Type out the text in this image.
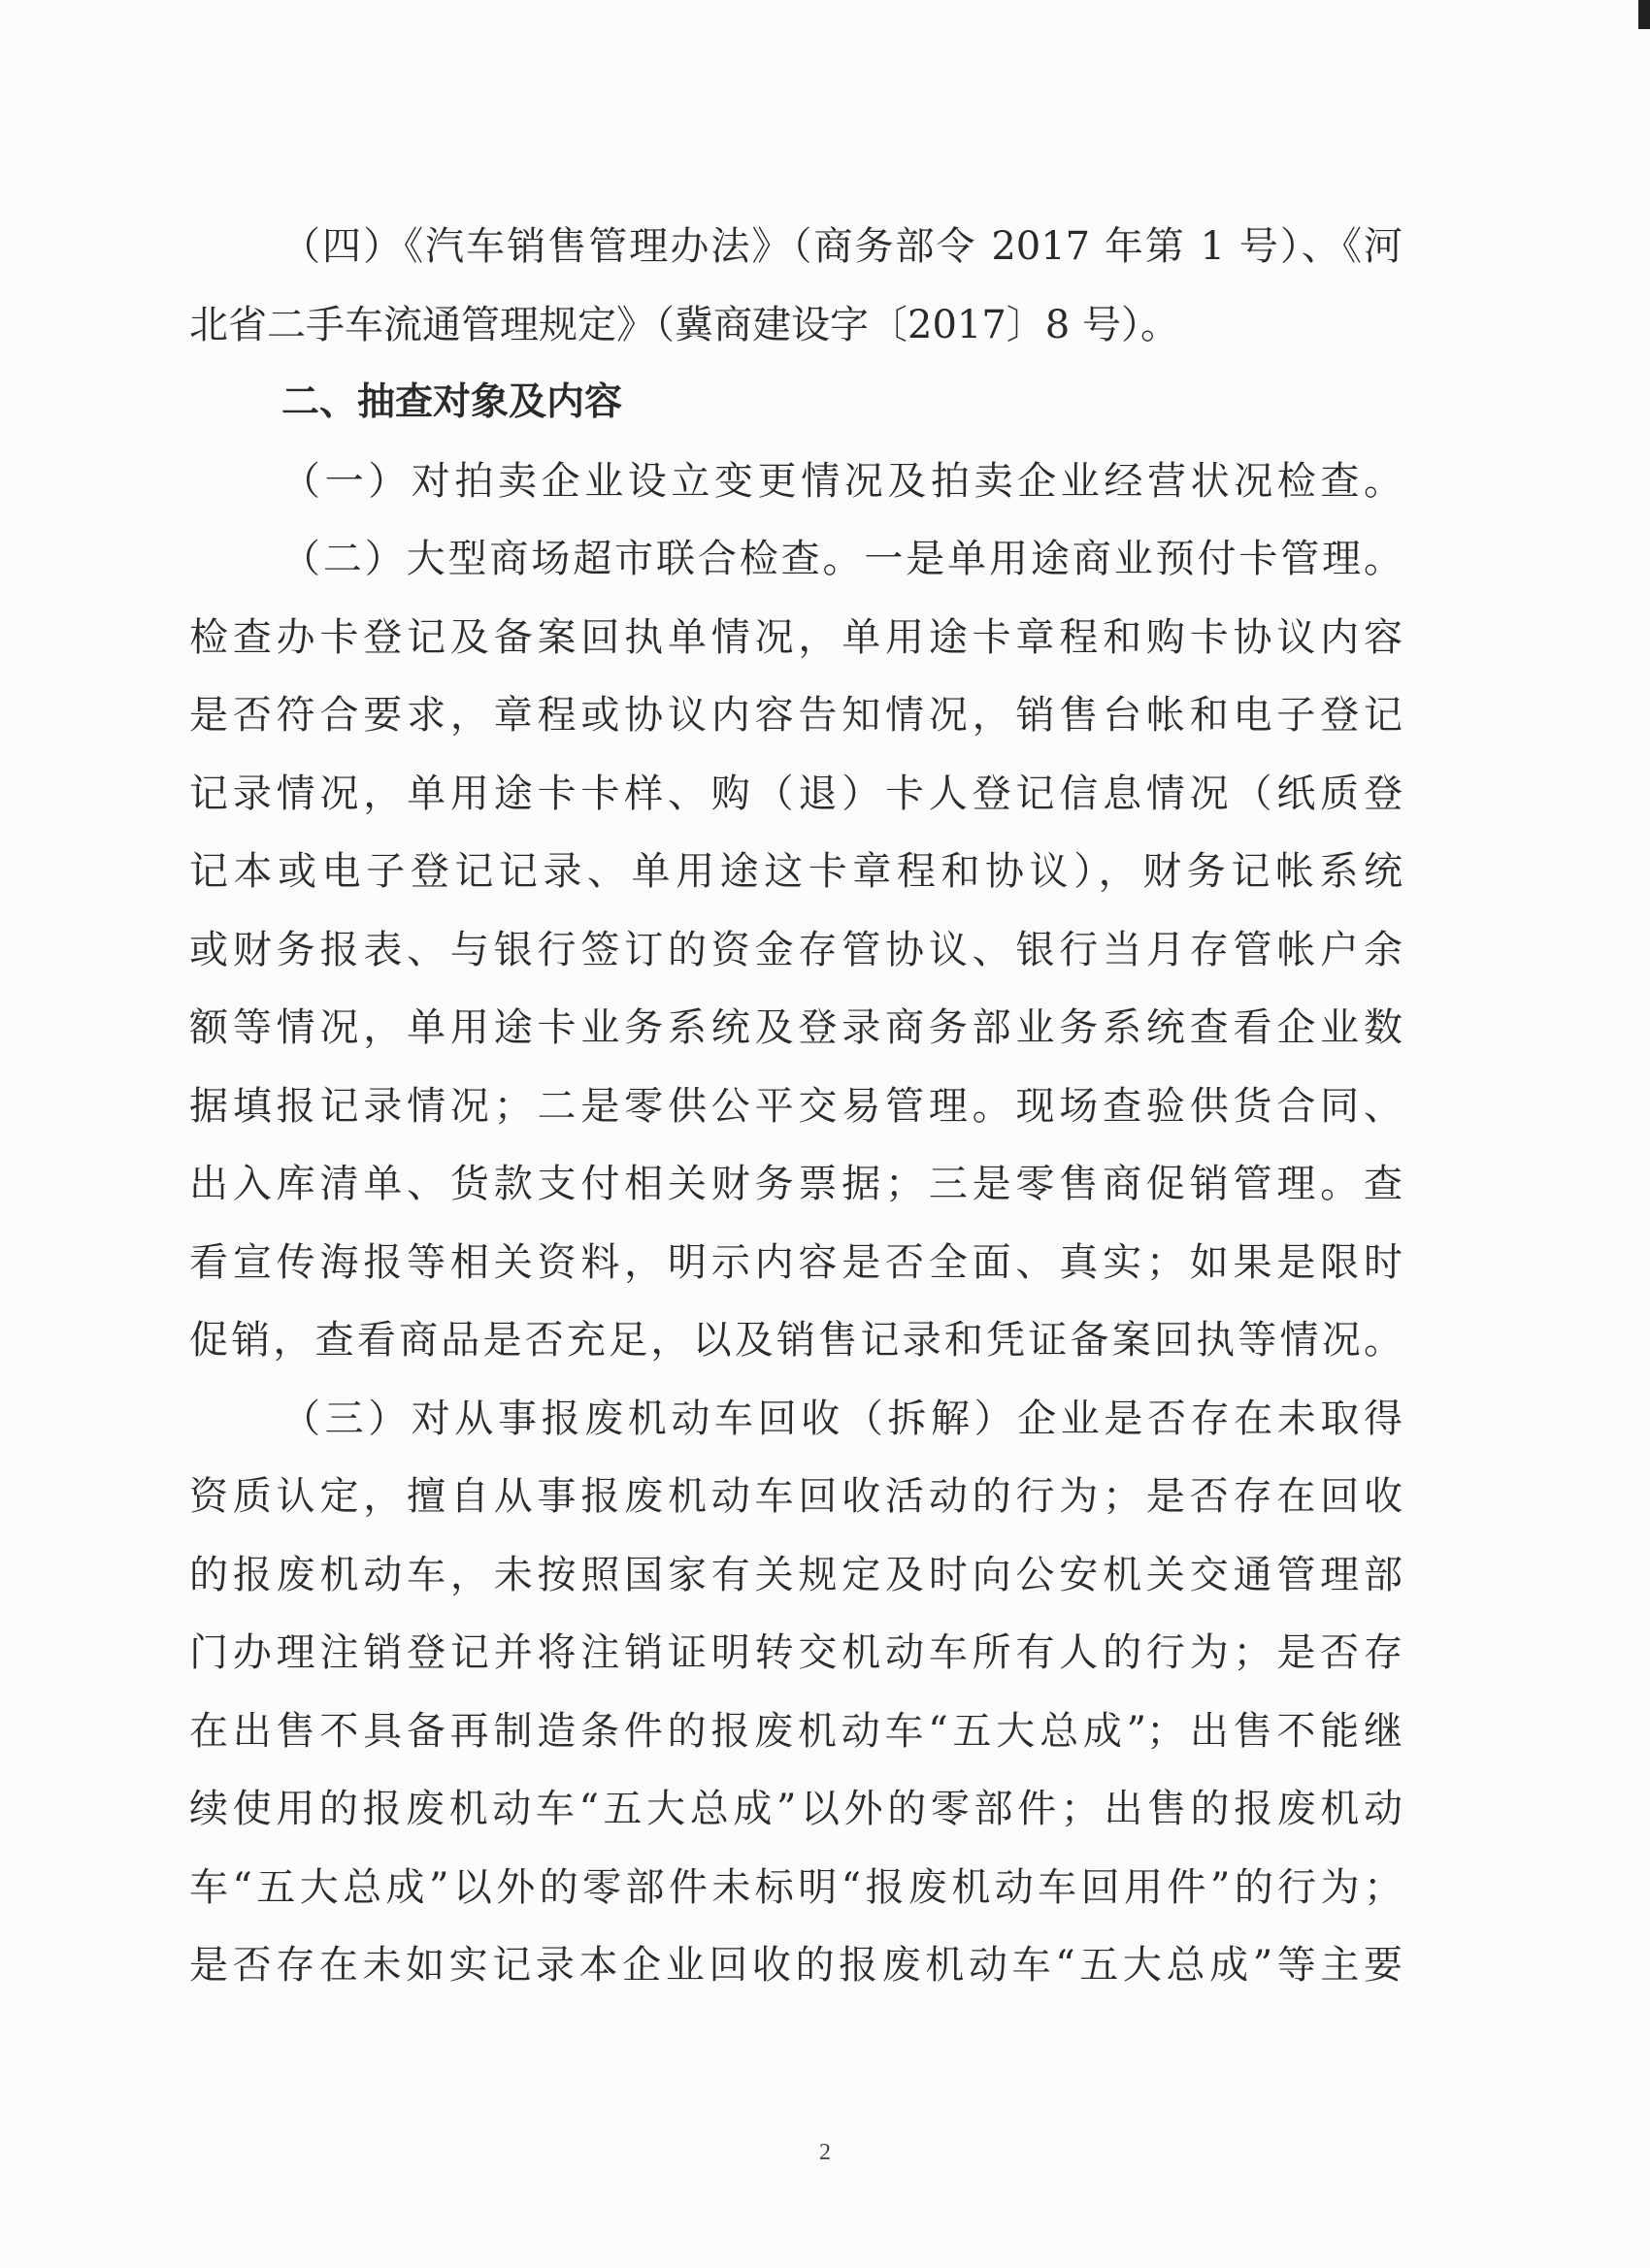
（四）《汽车销售管理办法》（商务部令 2017 年第 1 号）、《河
北省二手车流通管理规定》（冀商建设字〔2017〕8 号）。
二、抽查对象及内容
（一）对拍卖企业设立变更情况及拍卖企业经营状况检查。
（二）大型商场超市联合检查。一是单用途商业预付卡管理。
检查办卡登记及备案回执单情况，单用途卡章程和购卡协议内容
是否符合要求，章程或协议内容告知情况，销售台帐和电子登记
记录情况，单用途卡卡样、购（退）卡人登记信息情况（纸质登
记本或电子登记记录、单用途这卡章程和协议），财务记帐系统
或财务报表、与银行签订的资金存管协议、银行当月存管帐户余
额等情况，单用途卡业务系统及登录商务部业务系统查看企业数
据填报记录情况；二是零供公平交易管理。现场查验供货合同、
出入库清单、货款支付相关财务票据；三是零售商促销管理。查
看宣传海报等相关资料，明示内容是否全面、真实；如果是限时
促销，查看商品是否充足，以及销售记录和凭证备案回执等情况。
（三）对从事报废机动车回收（拆解）企业是否存在未取得
资质认定，擅自从事报废机动车回收活动的行为；是否存在回收
的报废机动车，未按照国家有关规定及时向公安机关交通管理部
门办理注销登记并将注销证明转交机动车所有人的行为；是否存
在出售不具备再制造条件的报废机动车“五大总成”；出售不能继
续使用的报废机动车“五大总成”以外的零部件；出售的报废机动
车“五大总成”以外的零部件未标明“报废机动车回用件”的行为；
是否存在未如实记录本企业回收的报废机动车“五大总成”等主要
2
